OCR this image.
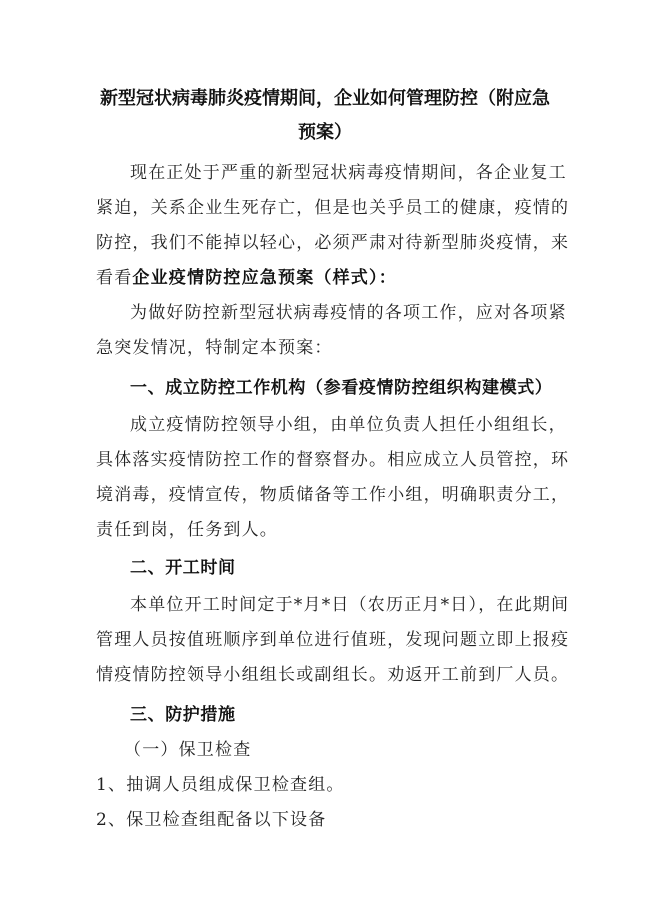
新型冠状病毒肺炎疫情期间，企业如何管理防控（附应急
预案）

现在正处于严重的新型冠状病毒疫情期间，各企业复工

紧迫，关系企业生死存亡，但是也关乎员工的健康，疫情的

防控，我们不能掉以轻心，必须严肃对待新型肺炎疫情，来

看看企业疫情防控应急预案（样式）：

为做好防控新型冠状病毒疫情的各项工作，应对各项紧

急突发情况，特制定本预案：

一、成立防控工作机构（参看疫情防控组织构建模式）

成立疫情防控领导小组，由单位负责人担任小组组长，

具体落实疫情防控工作的督察督办。相应成立人员管控，环

境消毒，疫情宣传，物质储备等工作小组，明确职责分工，

责任到岗，任务到人。

二、开工时间

本单位开工时间定于*月*日（农历正月*日），在此期间

管理人员按值班顺序到单位进行值班，发现问题立即上报疫

情疫情防控领导小组组长或副组长。劝返开工前到厂人员。

三、防护措施

（一）保卫检查

1、抽调人员组成保卫检查组。

2、保卫检查组配备以下设备
